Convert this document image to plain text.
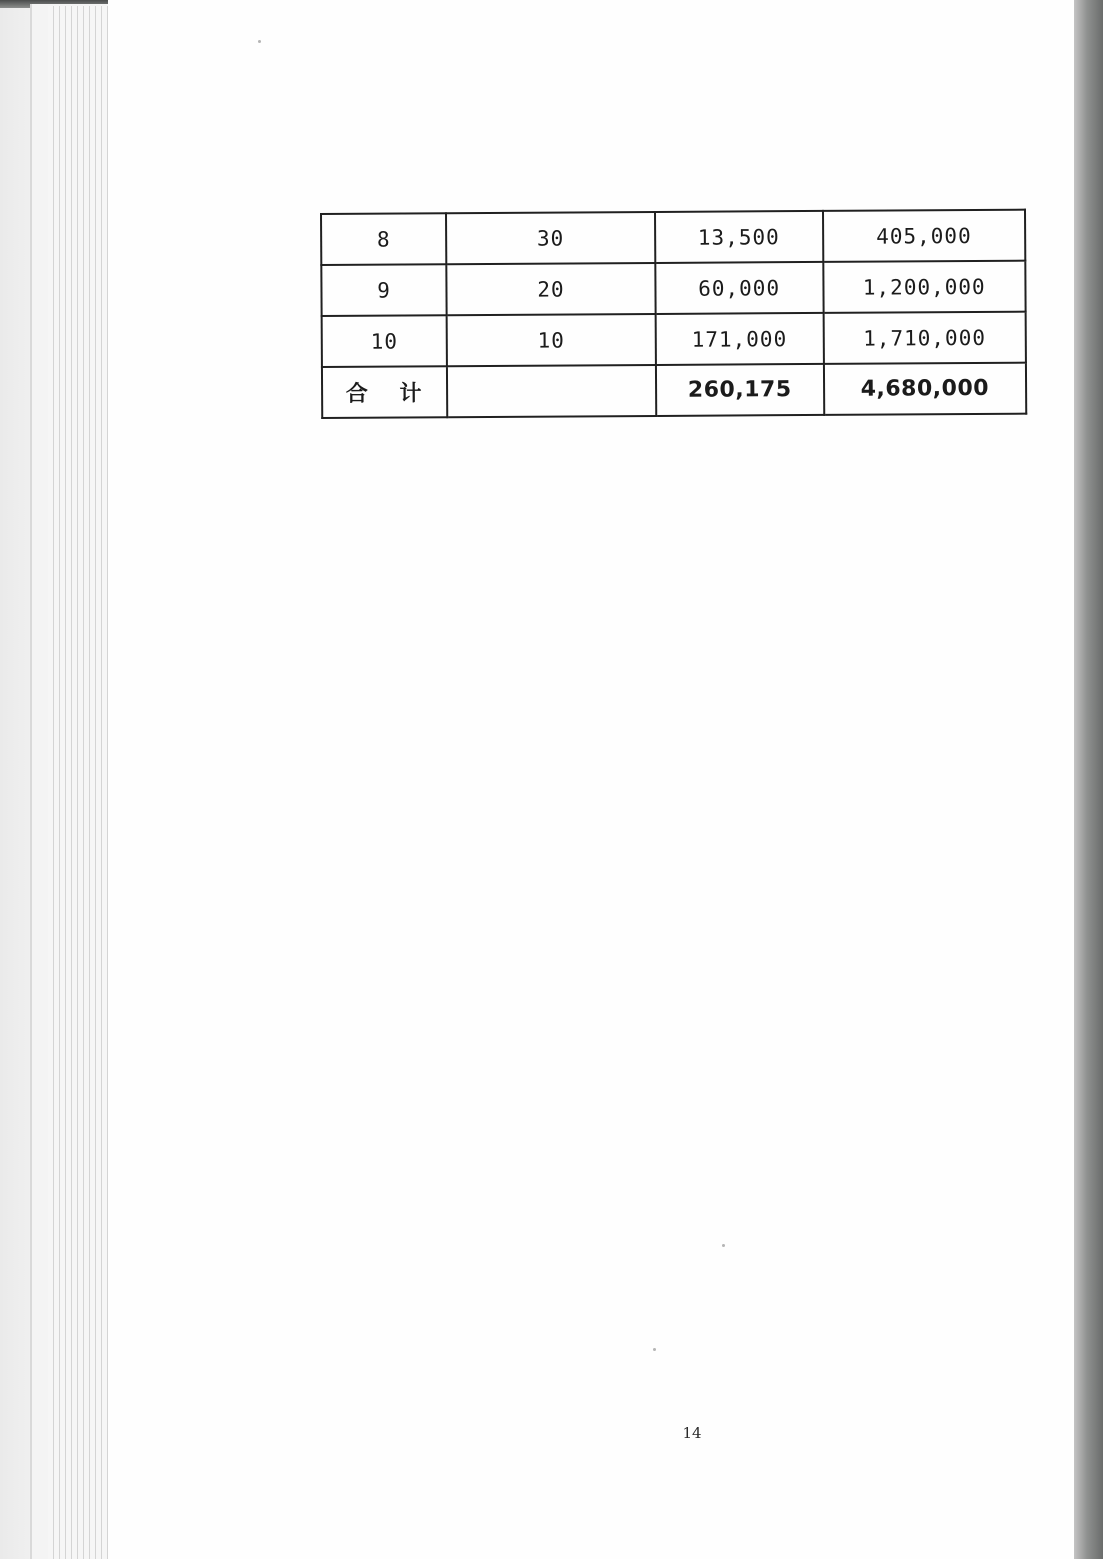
8	30	13,500	405,000
9	20	60,000	1,200,000
10	10	171,000	1,710,000
合 计		260,175	4,680,000
14
